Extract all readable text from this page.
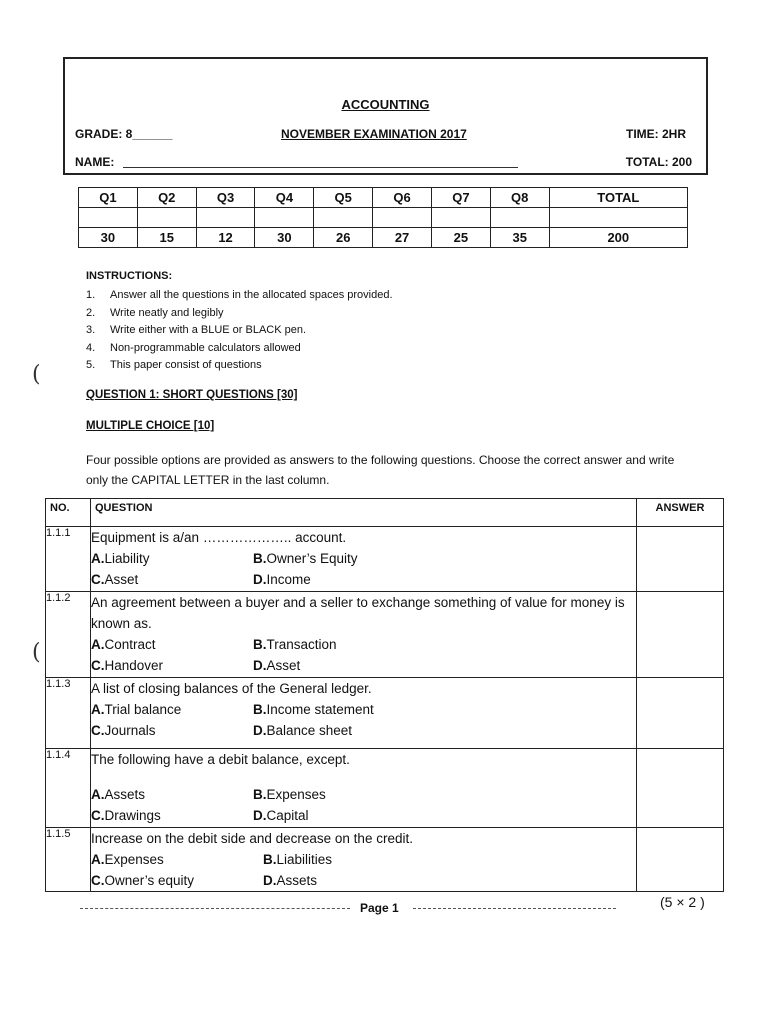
ACCOUNTING
GRADE: 8______	NOVEMBER EXAMINATION 2017	TIME: 2HR
NAME:	TOTAL: 200
Q1	Q2	Q3	Q4	Q5	Q6	Q7	Q8	TOTAL

30	15	12	30	26	27	25	35	200
INSTRUCTIONS:
1. Answer all the questions in the allocated spaces provided.
2. Write neatly and legibly
3. Write either with a BLUE or BLACK pen.
4. Non-programmable calculators allowed
5. This paper consist of questions
QUESTION 1: SHORT QUESTIONS [30]
MULTIPLE CHOICE [10]
Four possible options are provided as answers to the following questions. Choose the correct answer and write only the CAPITAL LETTER in the last column.
NO.	QUESTION	ANSWER
1.1.1	Equipment is a/an ……………….. account.
A.Liability B.Owner’s Equity
C.Asset D.Income	

1.1.2	An agreement between a buyer and a seller to exchange something of value for money is known as.
A.Contract B.Transaction
C.Handover D.Asset	

1.1.3	A list of closing balances of the General ledger.
A.Trial balance B.Income statement
C.Journals D.Balance sheet	

1.1.4	The following have a debit balance, except.
A.Assets B.Expenses
C.Drawings D.Capital	

1.1.5	Increase on the debit side and decrease on the credit.
A.Expenses B.Liabilities
C.Owner’s equity D.Assets	

Page 1	(5 × 2 )
(
(
